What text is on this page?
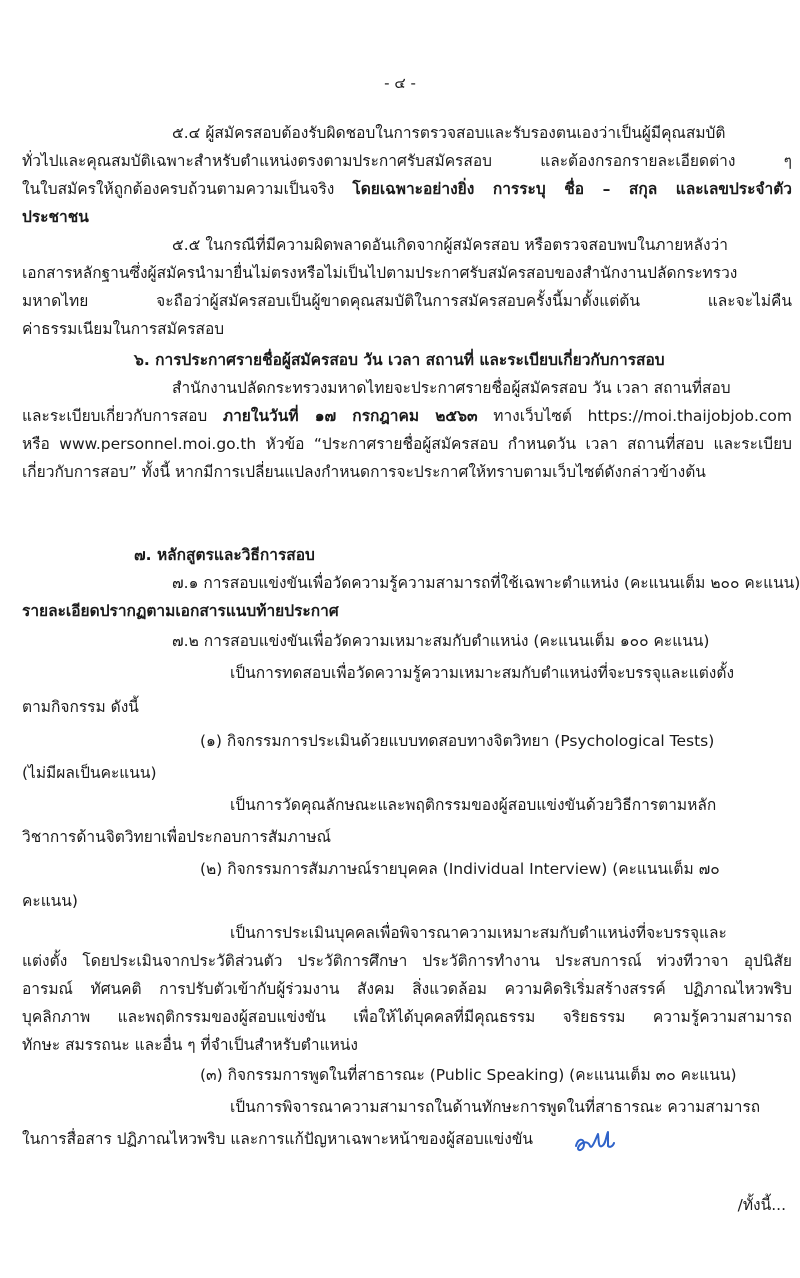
- ๔ -
๕.๔ ผู้สมัครสอบต้องรับผิดชอบในการตรวจสอบและรับรองตนเองว่าเป็นผู้มีคุณสมบัติ
ทั่วไปและคุณสมบัติเฉพาะสำหรับตำแหน่งตรงตามประกาศรับสมัครสอบ และต้องกรอกรายละเอียดต่าง ๆ
ในใบสมัครให้ถูกต้องครบถ้วนตามความเป็นจริง โดยเฉพาะอย่างยิ่ง การระบุ ชื่อ – สกุล และเลขประจำตัว
ประชาชน
๕.๕ ในกรณีที่มีความผิดพลาดอันเกิดจากผู้สมัครสอบ หรือตรวจสอบพบในภายหลังว่า
เอกสารหลักฐานซึ่งผู้สมัครนำมายื่นไม่ตรงหรือไม่เป็นไปตามประกาศรับสมัครสอบของสำนักงานปลัดกระทรวง
มหาดไทย จะถือว่าผู้สมัครสอบเป็นผู้ขาดคุณสมบัติในการสมัครสอบครั้งนี้มาตั้งแต่ต้น และจะไม่คืน
ค่าธรรมเนียมในการสมัครสอบ
๖. การประกาศรายชื่อผู้สมัครสอบ วัน เวลา สถานที่ และระเบียบเกี่ยวกับการสอบ
สำนักงานปลัดกระทรวงมหาดไทยจะประกาศรายชื่อผู้สมัครสอบ วัน เวลา สถานที่สอบ
และระเบียบเกี่ยวกับการสอบ ภายในวันที่ ๑๗ กรกฎาคม ๒๕๖๓ ทางเว็บไซต์ https://moi.thaijobjob.com
หรือ www.personnel.moi.go.th หัวข้อ “ประกาศรายชื่อผู้สมัครสอบ กำหนดวัน เวลา สถานที่สอบ และระเบียบ
เกี่ยวกับการสอบ” ทั้งนี้ หากมีการเปลี่ยนแปลงกำหนดการจะประกาศให้ทราบตามเว็บไซต์ดังกล่าวข้างต้น
๗. หลักสูตรและวิธีการสอบ
๗.๑ การสอบแข่งขันเพื่อวัดความรู้ความสามารถที่ใช้เฉพาะตำแหน่ง (คะแนนเต็ม ๒๐๐ คะแนน)
รายละเอียดปรากฏตามเอกสารแนบท้ายประกาศ
๗.๒ การสอบแข่งขันเพื่อวัดความเหมาะสมกับตำแหน่ง (คะแนนเต็ม ๑๐๐ คะแนน)
เป็นการทดสอบเพื่อวัดความรู้ความเหมาะสมกับตำแหน่งที่จะบรรจุและแต่งตั้ง
ตามกิจกรรม ดังนี้
(๑) กิจกรรมการประเมินด้วยแบบทดสอบทางจิตวิทยา (Psychological Tests)
(ไม่มีผลเป็นคะแนน)
เป็นการวัดคุณลักษณะและพฤติกรรมของผู้สอบแข่งขันด้วยวิธีการตามหลัก
วิชาการด้านจิตวิทยาเพื่อประกอบการสัมภาษณ์
(๒) กิจกรรมการสัมภาษณ์รายบุคคล (Individual Interview) (คะแนนเต็ม ๗๐
คะแนน)
เป็นการประเมินบุคคลเพื่อพิจารณาความเหมาะสมกับตำแหน่งที่จะบรรจุและ
แต่งตั้ง โดยประเมินจากประวัติส่วนตัว ประวัติการศึกษา ประวัติการทำงาน ประสบการณ์ ท่วงทีวาจา อุปนิสัย
อารมณ์ ทัศนคติ การปรับตัวเข้ากับผู้ร่วมงาน สังคม สิ่งแวดล้อม ความคิดริเริ่มสร้างสรรค์ ปฏิภาณไหวพริบ
บุคลิกภาพ และพฤติกรรมของผู้สอบแข่งขัน เพื่อให้ได้บุคคลที่มีคุณธรรม จริยธรรม ความรู้ความสามารถ
ทักษะ สมรรถนะ และอื่น ๆ ที่จำเป็นสำหรับตำแหน่ง
(๓) กิจกรรมการพูดในที่สาธารณะ (Public Speaking) (คะแนนเต็ม ๓๐ คะแนน)
เป็นการพิจารณาความสามารถในด้านทักษะการพูดในที่สาธารณะ ความสามารถ
ในการสื่อสาร ปฏิภาณไหวพริบ และการแก้ปัญหาเฉพาะหน้าของผู้สอบแข่งขัน
/ทั้งนี้...
